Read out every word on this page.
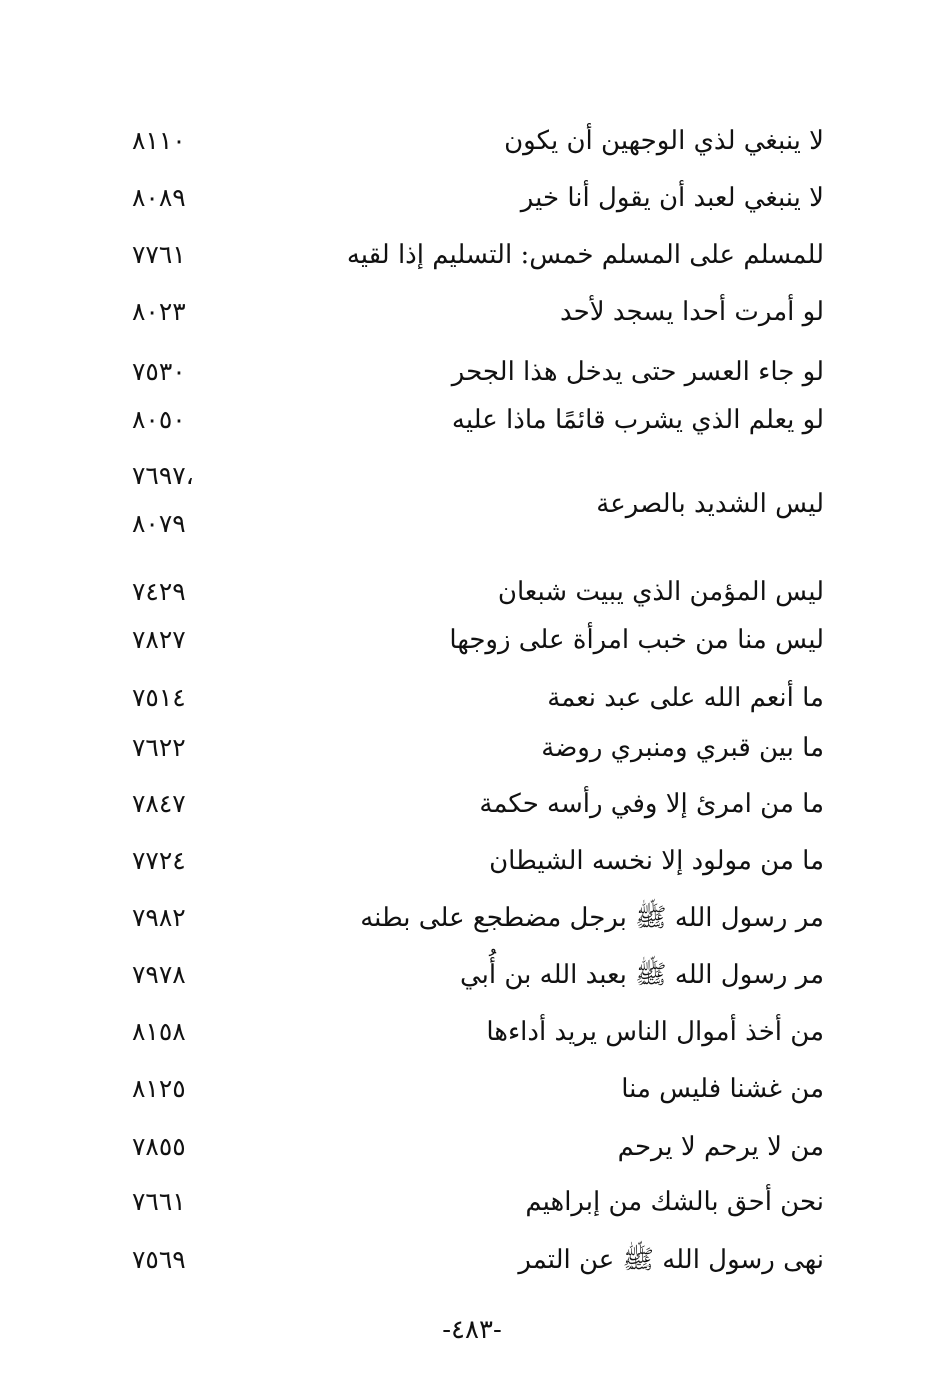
لا ينبغي لذي الوجهين أن يكون
٨١١٠
لا ينبغي لعبد أن يقول أنا خير
٨٠٨٩
للمسلم على المسلم خمس: التسليم إذا لقيه
٧٧٦١
لو أمرت أحدا يسجد لأحد
٨٠٢٣
لو جاء العسر حتى يدخل هذا الجحر
٧٥٣٠
لو يعلم الذي يشرب قائمًا ماذا عليه
٨٠٥٠
ليس الشديد بالصرعة
٧٦٩٧،
٨٠٧٩
ليس المؤمن الذي يبيت شبعان
٧٤٢٩
ليس منا من خبب امرأة على زوجها
٧٨٢٧
ما أنعم الله على عبد نعمة
٧٥١٤
ما بين قبري ومنبري روضة
٧٦٢٢
ما من امرئ إلا وفي رأسه حكمة
٧٨٤٧
ما من مولود إلا نخسه الشيطان
٧٧٢٤
مر رسول الله ﷺ برجل مضطجع على بطنه
٧٩٨٢
مر رسول الله ﷺ بعبد الله بن أُبي
٧٩٧٨
من أخذ أموال الناس يريد أداءها
٨١٥٨
من غشنا فليس منا
٨١٢٥
من لا يرحم لا يرحم
٧٨٥٥
نحن أحق بالشك من إبراهيم
٧٦٦١
نهى رسول الله ﷺ عن التمر
٧٥٦٩
-٤٨٣-
